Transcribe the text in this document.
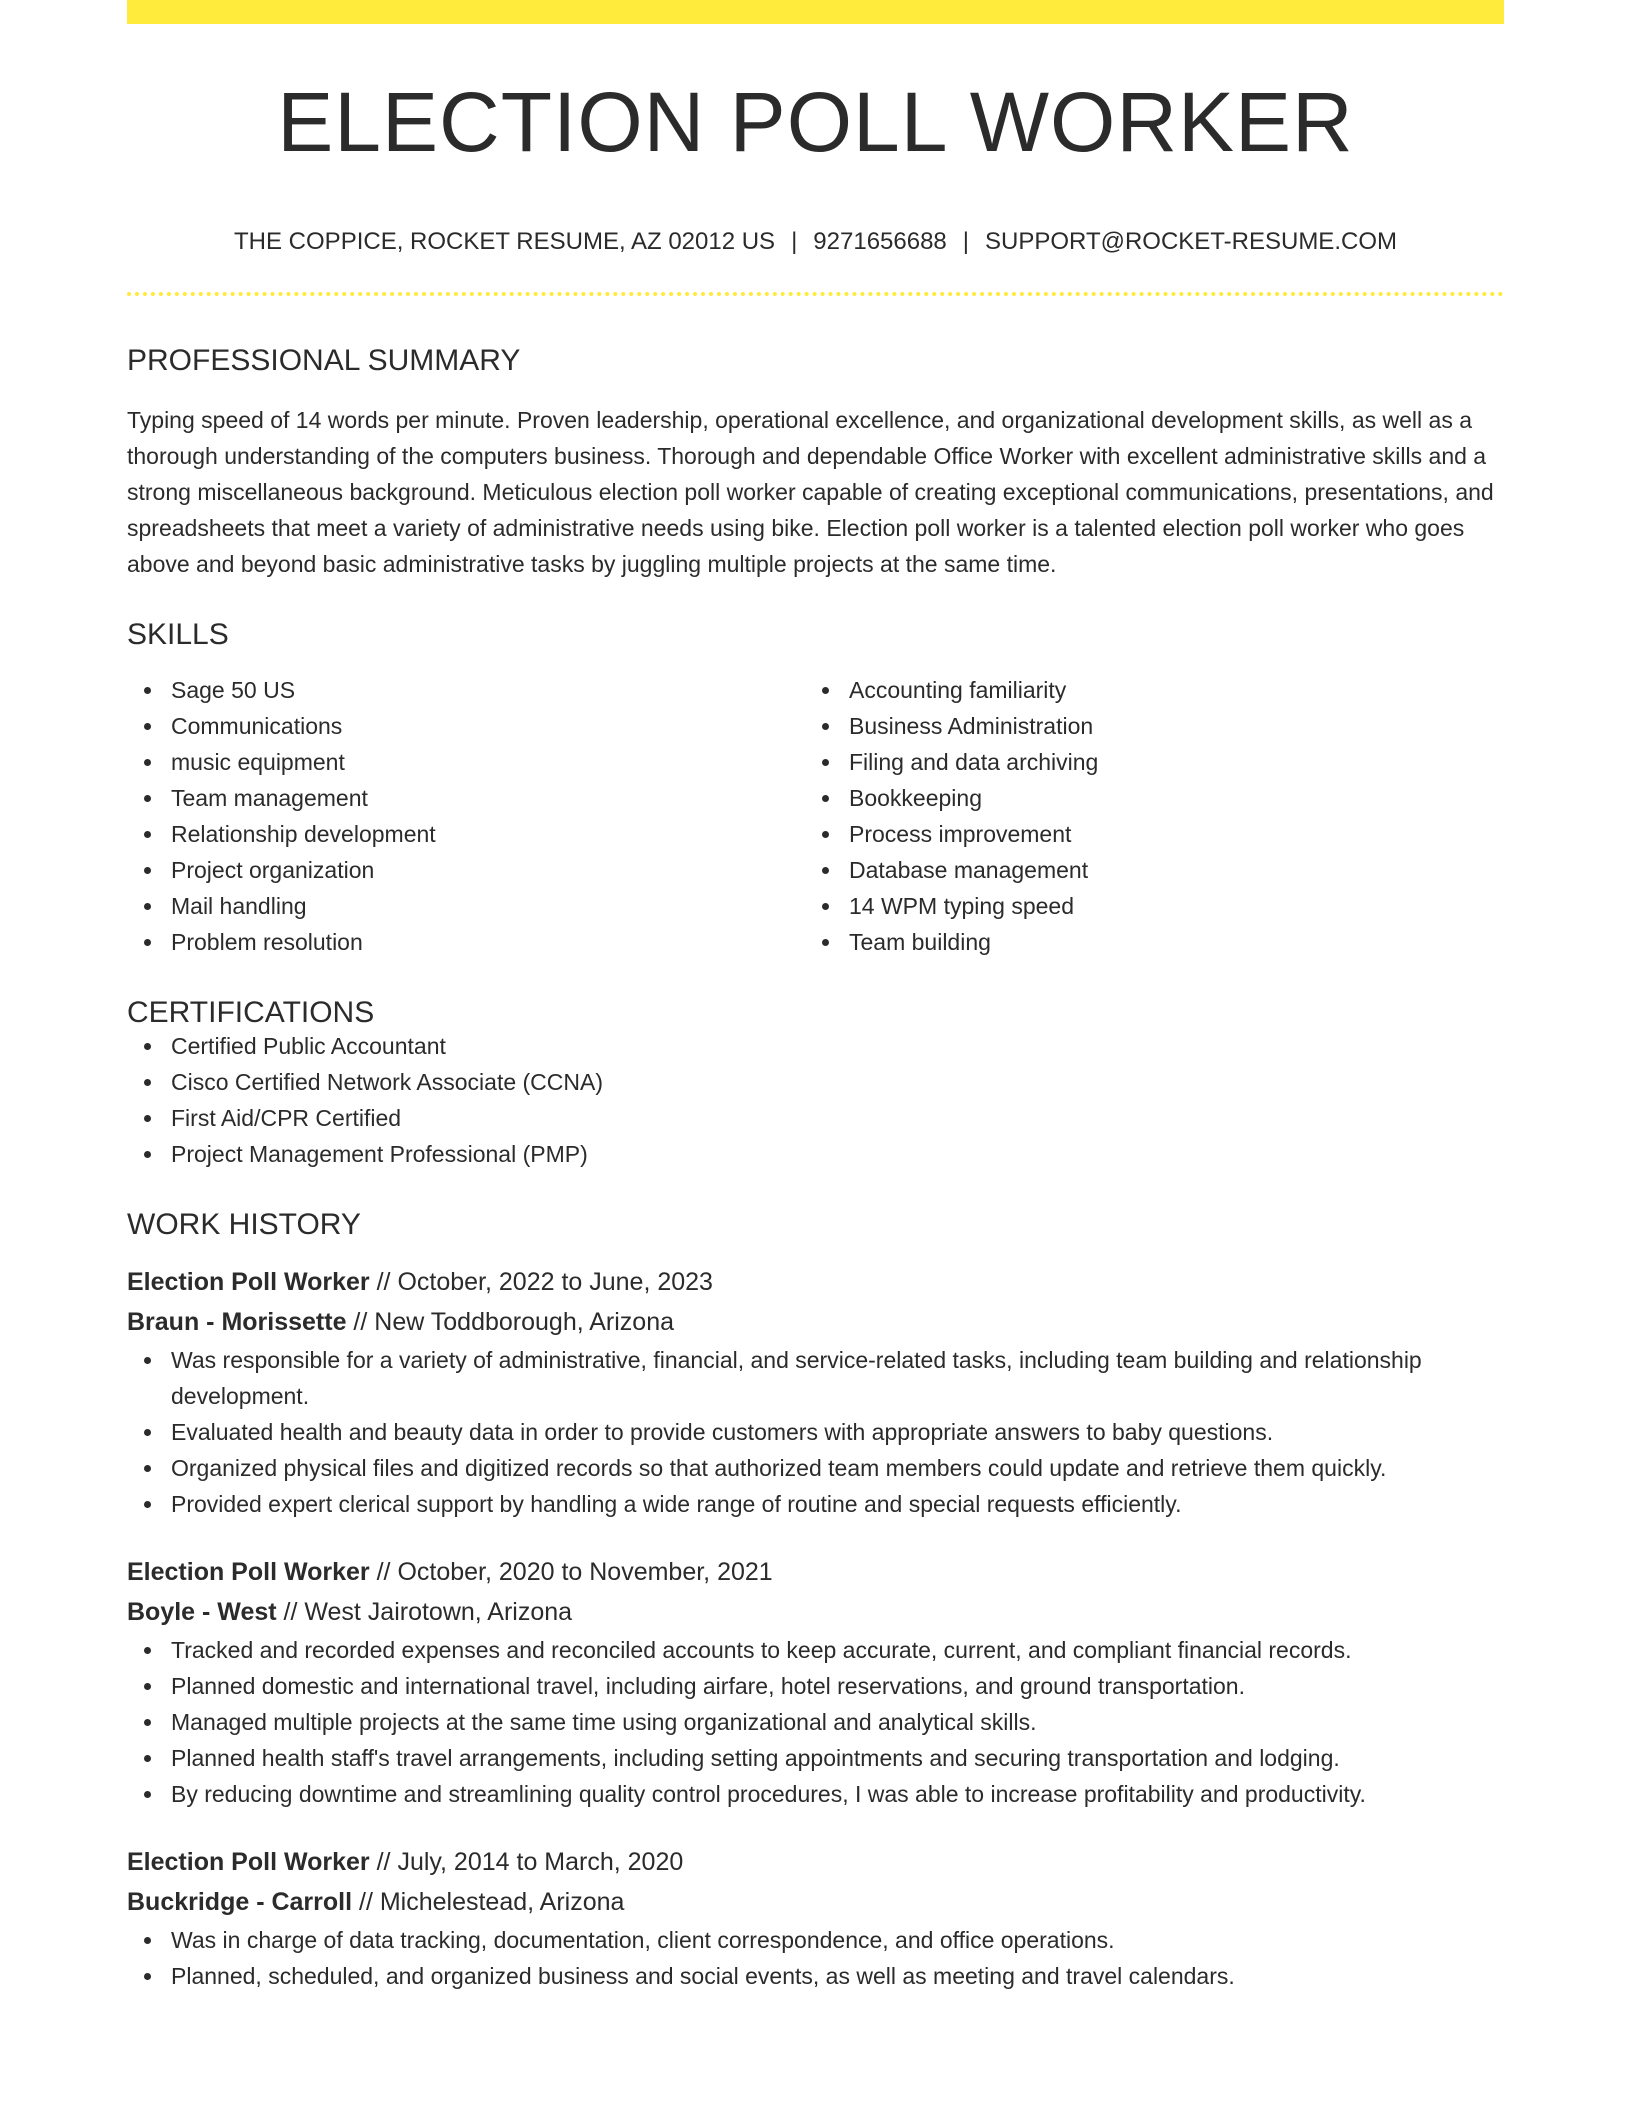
ELECTION POLL WORKER
THE COPPICE, ROCKET RESUME, AZ 02012 US | 9271656688 | SUPPORT@ROCKET-RESUME.COM
PROFESSIONAL SUMMARY
Typing speed of 14 words per minute. Proven leadership, operational excellence, and organizational development skills, as well as a thorough understanding of the computers business. Thorough and dependable Office Worker with excellent administrative skills and a strong miscellaneous background. Meticulous election poll worker capable of creating exceptional communications, presentations, and spreadsheets that meet a variety of administrative needs using bike. Election poll worker is a talented election poll worker who goes above and beyond basic administrative tasks by juggling multiple projects at the same time.
SKILLS
Sage 50 US
Communications
music equipment
Team management
Relationship development
Project organization
Mail handling
Problem resolution
Accounting familiarity
Business Administration
Filing and data archiving
Bookkeeping
Process improvement
Database management
14 WPM typing speed
Team building
CERTIFICATIONS
Certified Public Accountant
Cisco Certified Network Associate (CCNA)
First Aid/CPR Certified
Project Management Professional (PMP)
WORK HISTORY
Election Poll Worker // October, 2022 to June, 2023
Braun - Morissette // New Toddborough, Arizona
Was responsible for a variety of administrative, financial, and service-related tasks, including team building and relationship development.
Evaluated health and beauty data in order to provide customers with appropriate answers to baby questions.
Organized physical files and digitized records so that authorized team members could update and retrieve them quickly.
Provided expert clerical support by handling a wide range of routine and special requests efficiently.
Election Poll Worker // October, 2020 to November, 2021
Boyle - West // West Jairotown, Arizona
Tracked and recorded expenses and reconciled accounts to keep accurate, current, and compliant financial records.
Planned domestic and international travel, including airfare, hotel reservations, and ground transportation.
Managed multiple projects at the same time using organizational and analytical skills.
Planned health staff's travel arrangements, including setting appointments and securing transportation and lodging.
By reducing downtime and streamlining quality control procedures, I was able to increase profitability and productivity.
Election Poll Worker // July, 2014 to March, 2020
Buckridge - Carroll // Michelestead, Arizona
Was in charge of data tracking, documentation, client correspondence, and office operations.
Planned, scheduled, and organized business and social events, as well as meeting and travel calendars.
